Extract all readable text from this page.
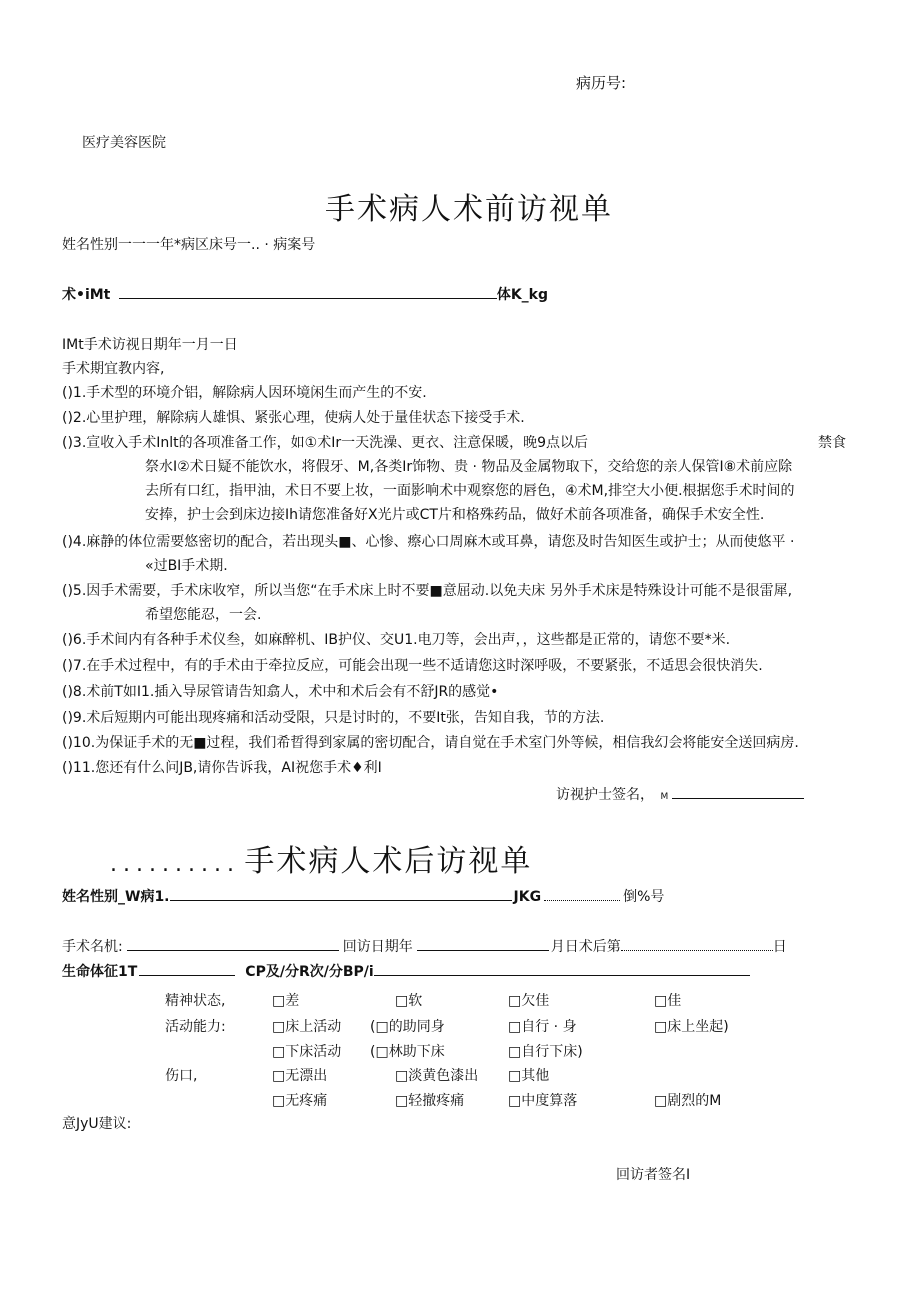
病历号:
医疗美容医院
手术病人术前访视单
姓名性别一一一年*病区床号一.. · 病案号
术•iMt	体K_kg
IMt手术访视日期年一月一日
手术期宜教内容,
()1.手术型的环境介铝，解除病人因环境闲生而产生的不安.
()2.心里护理，解除病人雄惧、紧张心理，使病人处于量佳状态下接受手术.
()3.宣收入手术Inlt的各项准备工作，如①术Ir一天洗澡、更衣、注意保暖，晚9点以后	禁食
祭水I②术日疑不能饮水，将假牙、M,各类Ir饰物、贵 · 物品及金属物取下，交给您的亲人保管I⑧术前应除
去所有口红，指甲油，术日不要上妆，一面影响术中观察您的唇色，④术M,排空大小便.根据您手术时间的
安捧，护士会到床边接Ih请您准备好X光片或CT片和格殊药品，做好术前各项准备，确保手术安全性.
()4.麻静的体位需要悠密切的配合，若出现头■、心惨、瘵心口周麻木或耳鼻，请您及时告知医生或护士；从而使悠平 ·
«过BI手术期.
()5.因手术需要，手术床收窄，所以当您“在手术床上时不要■意屈动.以免夫床 另外手术床是特殊设计可能不是很雷犀,
希望您能忍，一会.
()6.手术间内有各种手术仪叁，如麻醉机、IB护仪、交U1.电刀等，会出声，，这些都是正常的，请您不要*米.
()7.在手术过程中，有的手术由于牵拉反应，可能会出现一些不适请您这时深呼吸，不要紧张，不适思会很快消失.
()8.术前T如I1.插入导尿管请告知翕人，术中和术后会有不舒JR的感觉•
()9.术后短期内可能出现疼痛和活动受限，只是讨时的，不要It张，告知自我，节的方法.
()10.为保证手术的无■过程，我们希晢得到家属的密切配合，请自觉在手术室门外等候，相信我幻会将能安全送回病房.
()11.您还有什么问JB,请你告诉我，AI祝您手术♦利I
访视护士签名， M
.......... 手术病人术后访视单
姓名性别_W病1.	JKG	倒%号
手术名机:	回访日期年	月日术后第	日
生命体征1T	CP及/分R次/分BP/i
精神状态,	□差	□软	□欠佳	□佳
活动能力:	□床上活动 (□的助同身	□自行 · 身	□床上坐起)
□下床活动 (□林助下床	□自行下床)
伤口,	□无漂出	□淡黄色漆出 □其他
□无疼痛	□轻撤疼痛	□中度算落	□剧烈的M
意JyU建议:
回访者签名I
